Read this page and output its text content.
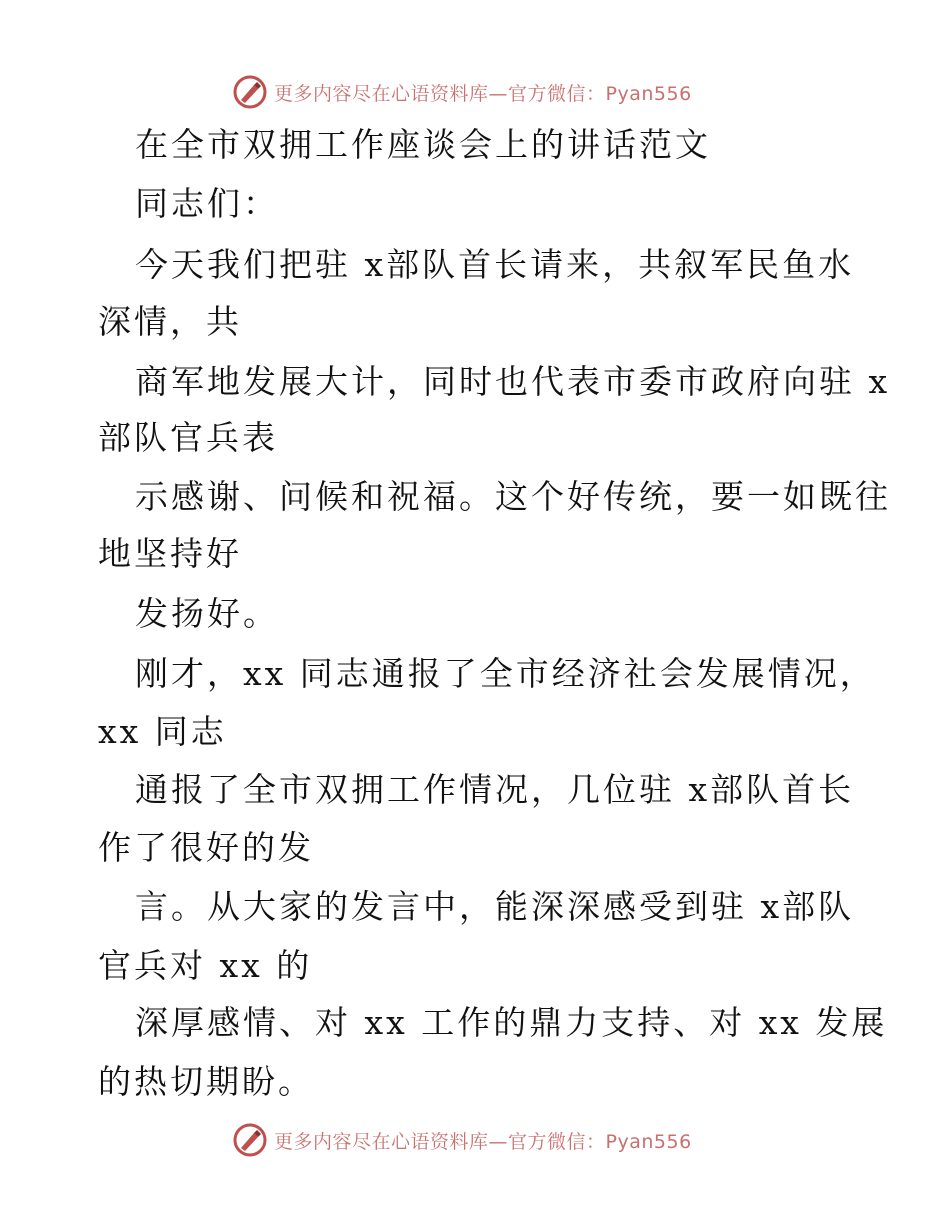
更多内容尽在心语资料库—官方微信：Pyan556
在全市双拥工作座谈会上的讲话范文
同志们：
今天我们把驻 x部队首长请来，共叙军民鱼水
深情，共
商军地发展大计，同时也代表市委市政府向驻 x
部队官兵表
示感谢、问候和祝福。这个好传统，要一如既往
地坚持好
发扬好。
刚才，xx 同志通报了全市经济社会发展情况，
xx 同志
通报了全市双拥工作情况，几位驻 x部队首长
作了很好的发
言。从大家的发言中，能深深感受到驻 x部队
官兵对 xx 的
深厚感情、对 xx 工作的鼎力支持、对 xx 发展
的热切期盼。
更多内容尽在心语资料库—官方微信：Pyan556
